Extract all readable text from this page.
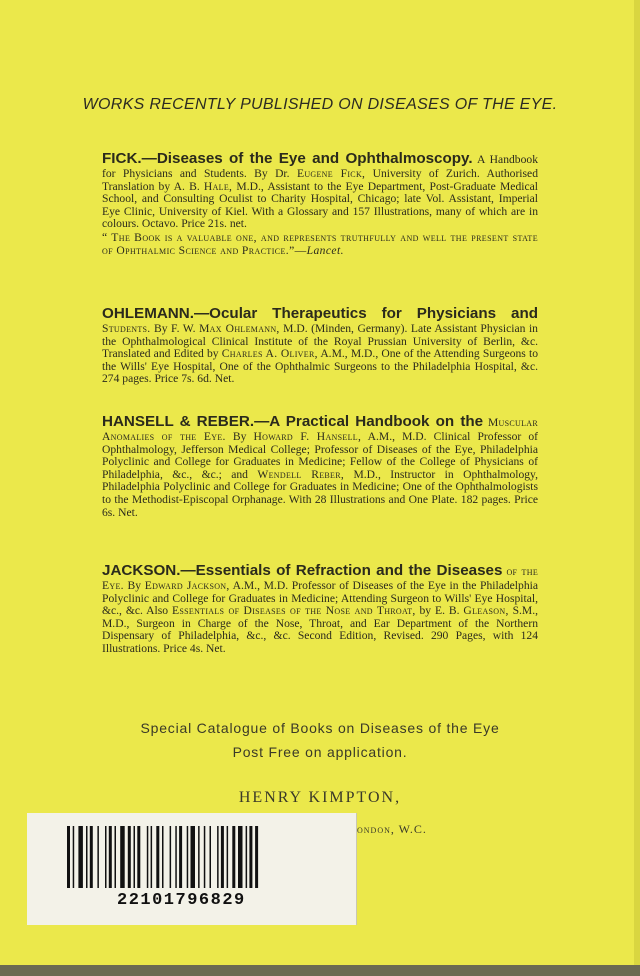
WORKS RECENTLY PUBLISHED ON DISEASES OF THE EYE.
FICK.—Diseases of the Eye and Ophthalmoscopy. A Handbook for Physicians and Students. By Dr. Eugene Fick, University of Zurich. Authorised Translation by A. B. Hale, M.D., Assistant to the Eye Department, Post-Graduate Medical School, and Consulting Oculist to Charity Hospital, Chicago; late Vol. Assistant, Imperial Eye Clinic, University of Kiel. With a Glossary and 157 Illustrations, many of which are in colours. Octavo. Price 21s. net.
“ The Book is a valuable one, and represents truthfully and well the present state of Ophthalmic Science and Practice.”—Lancet.
OHLEMANN.—Ocular Therapeutics for Physicians and Students. By F. W. Max Ohlemann, M.D. (Minden, Germany). Late Assistant Physician in the Ophthalmological Clinical Institute of the Royal Prussian University of Berlin, &c. Translated and Edited by Charles A. Oliver, A.M., M.D., One of the Attending Surgeons to the Wills' Eye Hospital, One of the Ophthalmic Surgeons to the Philadelphia Hospital, &c. 274 pages. Price 7s. 6d. Net.
HANSELL & REBER.—A Practical Handbook on the Muscular Anomalies of the Eye. By Howard F. Hansell, A.M., M.D. Clinical Professor of Ophthalmology, Jefferson Medical College; Professor of Diseases of the Eye, Philadelphia Polyclinic and College for Graduates in Medicine; Fellow of the College of Physicians of Philadelphia, &c., &c.; and Wendell Reber, M.D., Instructor in Ophthalmology, Philadelphia Polyclinic and College for Graduates in Medicine; One of the Ophthalmologists to the Methodist-Episcopal Orphanage. With 28 Illustrations and One Plate. 182 pages. Price 6s. Net.
JACKSON.—Essentials of Refraction and the Diseases of the Eye. By Edward Jackson, A.M., M.D. Professor of Diseases of the Eye in the Philadelphia Polyclinic and College for Graduates in Medicine; Attending Surgeon to Wills' Eye Hospital, &c., &c. Also Essentials of Diseases of the Nose and Throat, by E. B. Gleason, S.M., M.D., Surgeon in Charge of the Nose, Throat, and Ear Department of the Northern Dispensary of Philadelphia, &c., &c. Second Edition, Revised. 290 Pages, with 124 Illustrations. Price 4s. Net.
Special Catalogue of Books on Diseases of the Eye
Post Free on application.
HENRY KIMPTON,
ondon, W.C.
22101796829
